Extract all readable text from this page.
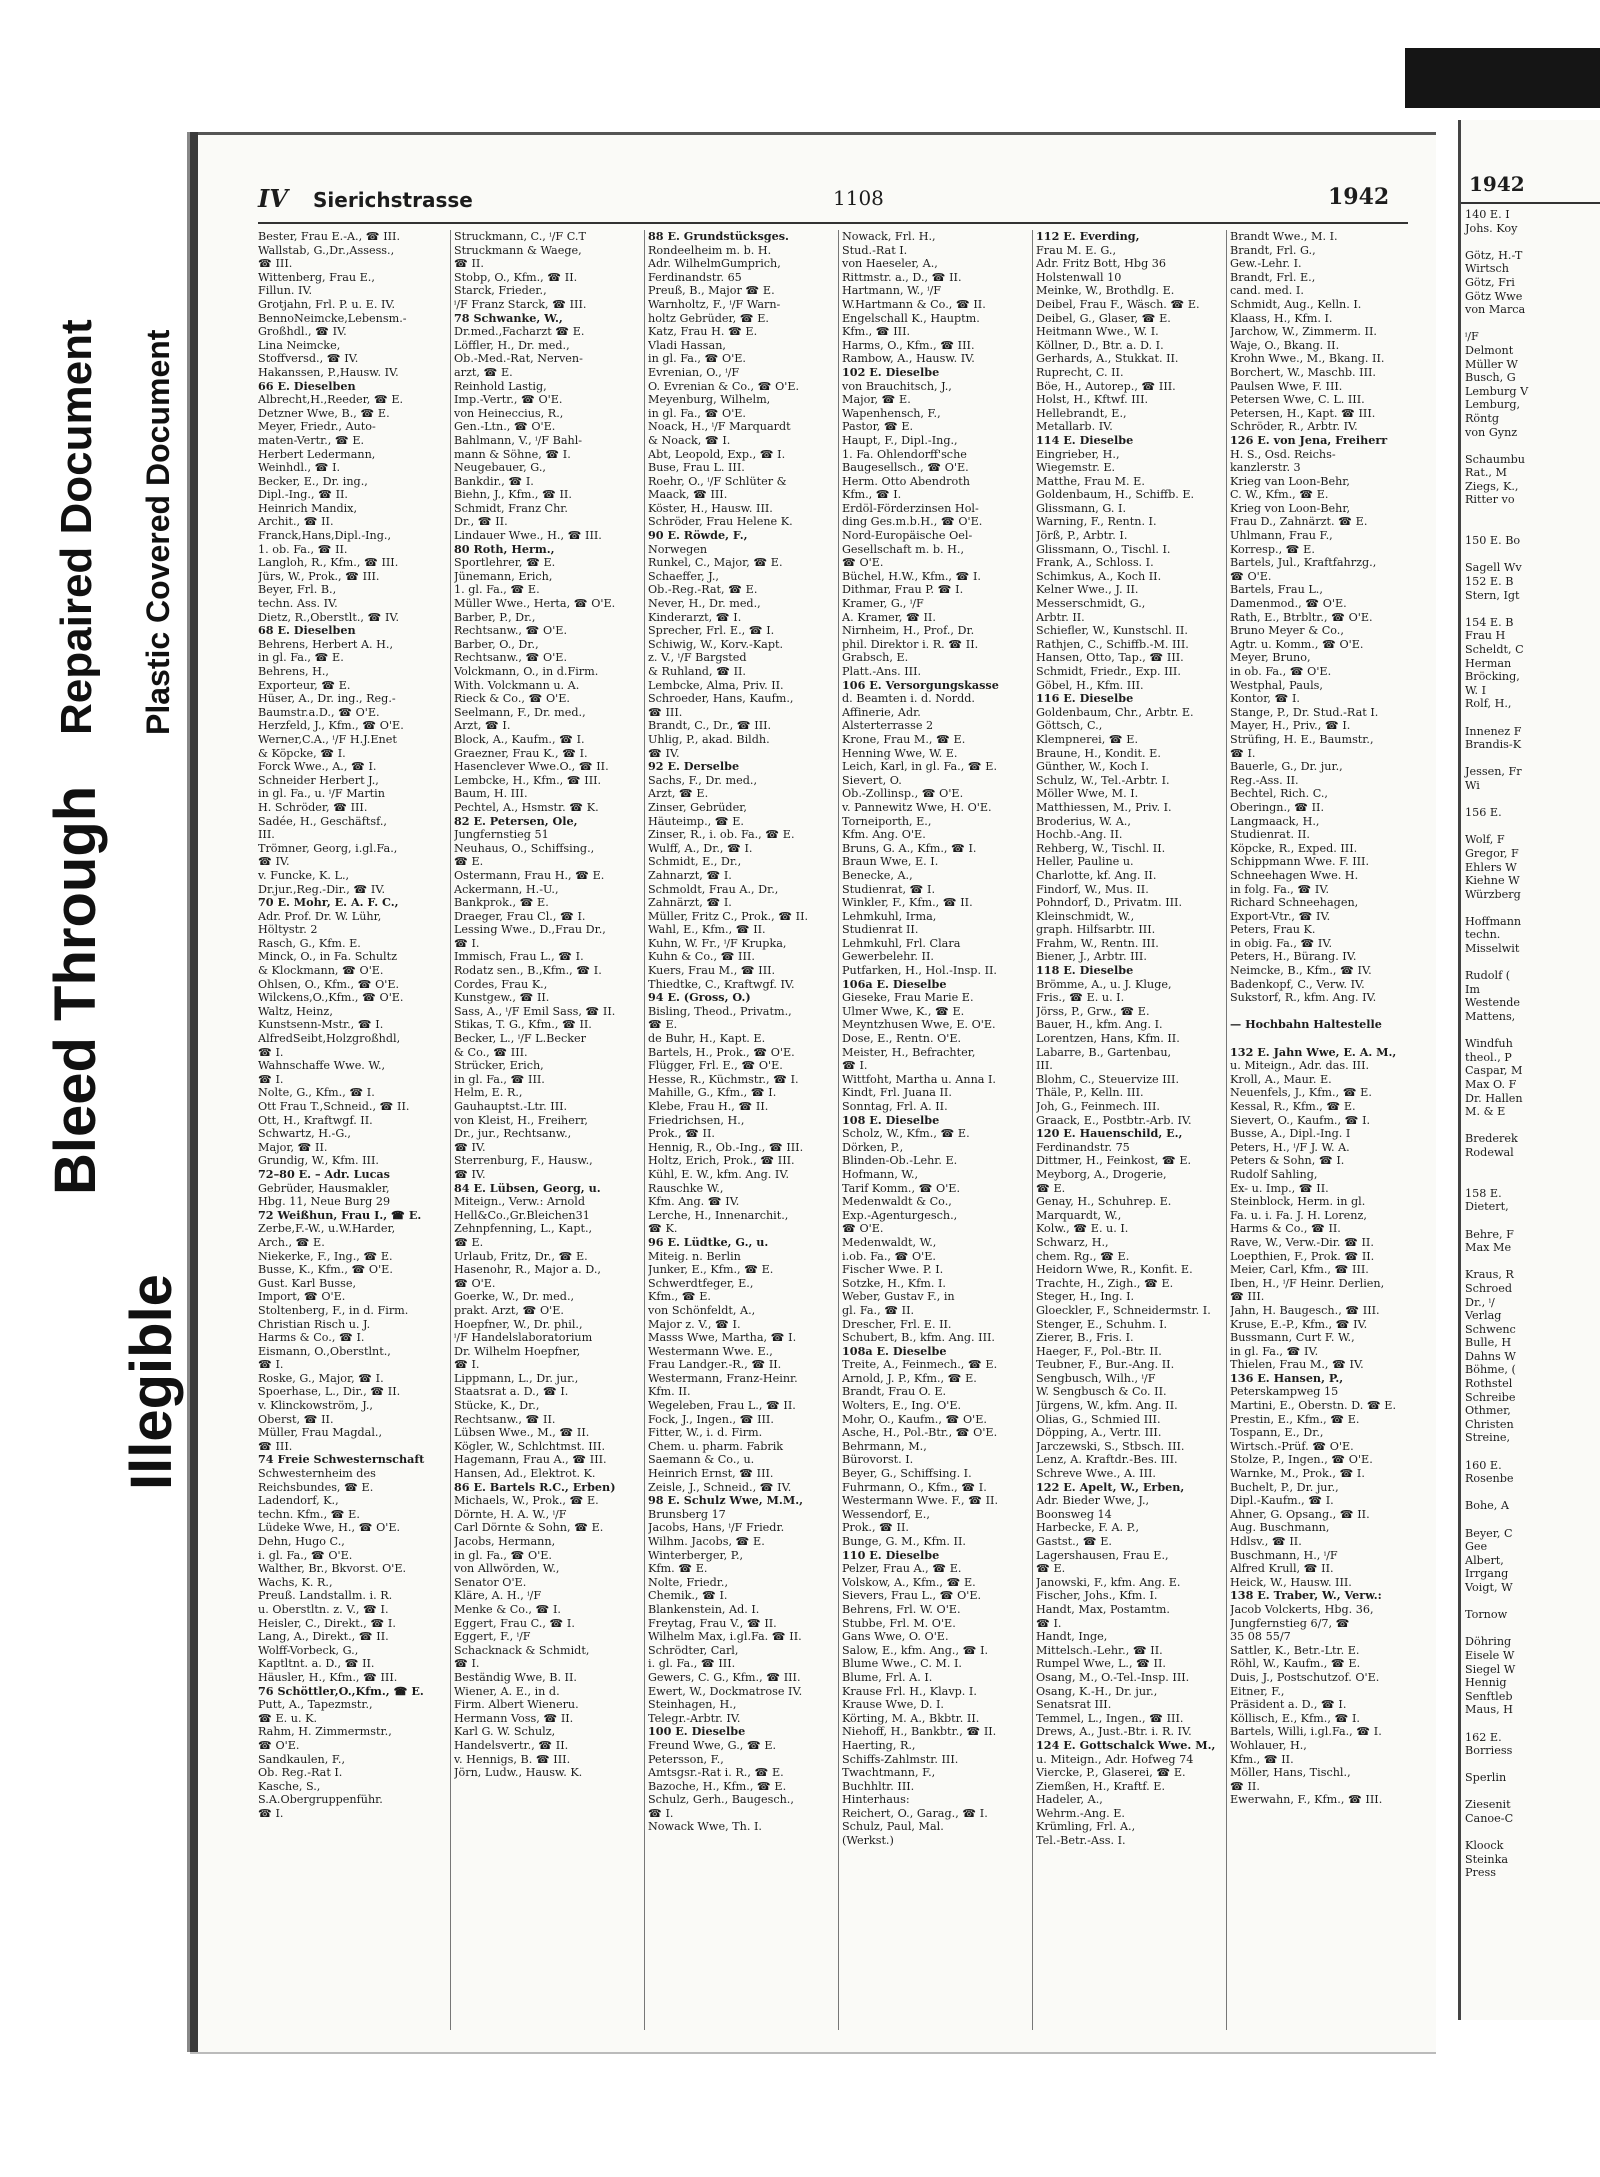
Bleed Through
Repaired Document Plastic Covered Document
Illegible
IV Sierichstrasse	1108	1942
Bester, Frau E.-A., ☎ III.
Wallstab, G.,Dr.,Assess.,
☎ III.
Wittenberg, Frau E.,
Fillun. IV.
Grotjahn, Frl. P. u. E. IV.
BennoNeimcke,Lebensm.-
Großhdl., ☎ IV.
Lina Neimcke,
Stoffversd., ☎ IV.
Hakanssen, P.,Hausw. IV.
66 E. Dieselben
Albrecht,H.,Reeder, ☎ E.
Detzner Wwe, B., ☎ E.
Meyer, Friedr., Auto-
maten-Vertr., ☎ E.
Herbert Ledermann,
Weinhdl., ☎ I.
Becker, E., Dr. ing.,
Dipl.-Ing., ☎ II.
Heinrich Mandix,
Archit., ☎ II.
Franck,Hans,Dipl.-Ing.,
1. ob. Fa., ☎ II.
Langloh, R., Kfm., ☎ III.
Jürs, W., Prok., ☎ III.
Beyer, Frl. B.,
techn. Ass. IV.
Dietz, R.,Oberstlt., ☎ IV.
68 E. Dieselben
Behrens, Herbert A. H.,
in gl. Fa., ☎ E.
Behrens, H.,
Exporteur, ☎ E.
Hüser, A., Dr. ing., Reg.-
Baumstr.a.D., ☎ O'E.
Herzfeld, J., Kfm., ☎ O'E.
Werner,C.A., ⁱ/F H.J.Enet
& Köpcke, ☎ I.
Forck Wwe., A., ☎ I.
Schneider Herbert J.,
in gl. Fa., u. ⁱ/F Martin
H. Schröder, ☎ III.
Sadée, H., Geschäftsf.,
III.
Trömner, Georg, i.gl.Fa.,
☎ IV.
v. Funcke, K. L.,
Dr.jur.,Reg.-Dir., ☎ IV.
70 E. Mohr, E. A. F. C.,
Adr. Prof. Dr. W. Lühr,
Höltystr. 2
Rasch, G., Kfm. E.
Minck, O., in Fa. Schultz
& Klockmann, ☎ O'E.
Ohlsen, O., Kfm., ☎ O'E.
Wilckens,O.,Kfm., ☎ O'E.
Waltz, Heinz,
Kunstsenn-Mstr., ☎ I.
AlfredSeibt,Holzgroßhdl,
☎ I.
Wahnschaffe Wwe. W.,
☎ I.
Nolte, G., Kfm., ☎ I.
Ott Frau T.,Schneid., ☎ II.
Ott, H., Kraftwgf. II.
Schwartz, H.-G.,
Major, ☎ II.
Grundig, W., Kfm. III.
72–80 E. – Adr. Lucas
Gebrüder, Hausmakler,
Hbg. 11, Neue Burg 29
72 Weißhun, Frau I., ☎ E.
Zerbe,F.-W., u.W.Harder,
Arch., ☎ E.
Niekerke, F., Ing., ☎ E.
Busse, K., Kfm., ☎ O'E.
Gust. Karl Busse,
Import, ☎ O'E.
Stoltenberg, F., in d. Firm.
Christian Risch u. J.
Harms & Co., ☎ I.
Eismann, O.,Oberstlnt.,
☎ I.
Roske, G., Major, ☎ I.
Spoerhase, L., Dir., ☎ II.
v. Klinckowström, J.,
Oberst, ☎ II.
Müller, Frau Magdal.,
☎ III.
74 Freie Schwesternschaft
Schwesternheim des
Reichsbundes, ☎ E.
Ladendorf, K.,
techn. Kfm., ☎ E.
Lüdeke Wwe, H., ☎ O'E.
Dehn, Hugo C.,
i. gl. Fa., ☎ O'E.
Walther, Br., Bkvorst. O'E.
Wachs, K. R.,
Preuß. Landstallm. i. R.
u. Oberstltn. z. V., ☎ I.
Heisler, C., Direkt., ☎ I.
Lang, A., Direkt., ☎ II.
Wolff-Vorbeck, G.,
Kaptltnt. a. D., ☎ II.
Häusler, H., Kfm., ☎ III.
76 Schöttler,O.,Kfm., ☎ E.
Putt, A., Tapezmstr.,
☎ E. u. K.
Rahm, H. Zimmermstr.,
☎ O'E.
Sandkaulen, F.,
Ob. Reg.-Rat I.
Kasche, S.,
S.A.Obergruppenführ.
☎ I.
Struckmann, C., ⁱ/F C.T
Struckmann & Waege,
☎ II.
Stobp, O., Kfm., ☎ II.
Starck, Frieder.,
ⁱ/F Franz Starck, ☎ III.
78 Schwanke, W.,
Dr.med.,Facharzt ☎ E.
Löffler, H., Dr. med.,
Ob.-Med.-Rat, Nerven-
arzt, ☎ E.
Reinhold Lastig,
Imp.-Vertr., ☎ O'E.
von Heineccius, R.,
Gen.-Ltn., ☎ O'E.
Bahlmann, V., ⁱ/F Bahl-
mann & Söhne, ☎ I.
Neugebauer, G.,
Bankdir., ☎ I.
Biehn, J., Kfm., ☎ II.
Schmidt, Franz Chr.
Dr., ☎ II.
Lindauer Wwe., H., ☎ III.
80 Roth, Herm.,
Sportlehrer, ☎ E.
Jünemann, Erich,
1. gl. Fa., ☎ E.
Müller Wwe., Herta, ☎ O'E.
Barber, P., Dr.,
Rechtsanw., ☎ O'E.
Barber, O., Dr.,
Rechtsanw., ☎ O'E.
Volckmann, O., in d.Firm.
With. Volckmann u. A.
Rieck & Co., ☎ O'E.
Seelmann, F., Dr. med.,
Arzt, ☎ I.
Block, A., Kaufm., ☎ I.
Graezner, Frau K., ☎ I.
Hasenclever Wwe.O., ☎ II.
Lembcke, H., Kfm., ☎ III.
Baum, H. III.
Pechtel, A., Hsmstr. ☎ K.
82 E. Petersen, Ole,
Jungfernstieg 51
Neuhaus, O., Schiffsing.,
☎ E.
Ostermann, Frau H., ☎ E.
Ackermann, H.-U.,
Bankprok., ☎ E.
Draeger, Frau Cl., ☎ I.
Lessing Wwe., D.,Frau Dr.,
☎ I.
Immisch, Frau L., ☎ I.
Rodatz sen., B.,Kfm., ☎ I.
Cordes, Frau K.,
Kunstgew., ☎ II.
Sass, A., ⁱ/F Emil Sass, ☎ II.
Stikas, T. G., Kfm., ☎ II.
Becker, L., ⁱ/F L.Becker
& Co., ☎ III.
Strücker, Erich,
in gl. Fa., ☎ III.
Helm, E. R.,
Gauhauptst.-Ltr. III.
von Kleist, H., Freiherr,
Dr., jur., Rechtsanw.,
☎ IV.
Sterrenburg, F., Hausw.,
☎ IV.
84 E. Lübsen, Georg, u.
Miteign., Verw.: Arnold
Hell&Co.,Gr.Bleichen31
Zehnpfenning, L., Kapt.,
☎ E.
Urlaub, Fritz, Dr., ☎ E.
Hasenohr, R., Major a. D.,
☎ O'E.
Goerke, W., Dr. med.,
prakt. Arzt, ☎ O'E.
Hoepfner, W., Dr. phil.,
ⁱ/F Handelslaboratorium
Dr. Wilhelm Hoepfner,
☎ I.
Lippmann, L., Dr. jur.,
Staatsrat a. D., ☎ I.
Stücke, K., Dr.,
Rechtsanw., ☎ II.
Lübsen Wwe., M., ☎ II.
Kögler, W., Schlchtmst. III.
Hagemann, Frau A., ☎ III.
Hansen, Ad., Elektrot. K.
86 E. Bartels R.C., Erben)
Michaels, W., Prok., ☎ E.
Dörnte, H. A. W., ⁱ/F
Carl Dörnte & Sohn, ☎ E.
Jacobs, Hermann,
in gl. Fa., ☎ O'E.
von Allwörden, W.,
Senator O'E.
Kläre, A. H., ⁱ/F
Menke & Co., ☎ I.
Eggert, Frau C., ☎ I.
Eggert, F., ⁱ/F
Schacknack & Schmidt,
☎ I.
Beständig Wwe, B. II.
Wiener, A. E., in d.
Firm. Albert Wieneru.
Hermann Voss, ☎ II.
Karl G. W. Schulz,
Handelsvertr., ☎ II.
v. Hennigs, B. ☎ III.
Jörn, Ludw., Hausw. K.
88 E. Grundstücksges.
Rondeelheim m. b. H.
Adr. WilhelmGumprich,
Ferdinandstr. 65
Preuß, B., Major ☎ E.
Warnholtz, F., ⁱ/F Warn-
holtz Gebrüder, ☎ E.
Katz, Frau H. ☎ E.
Vladi Hassan,
in gl. Fa., ☎ O'E.
Evrenian, O., ⁱ/F
O. Evrenian & Co., ☎ O'E.
Meyenburg, Wilhelm,
in gl. Fa., ☎ O'E.
Noack, H., ⁱ/F Marquardt
& Noack, ☎ I.
Abt, Leopold, Exp., ☎ I.
Buse, Frau L. III.
Roehr, O., ⁱ/F Schlüter &
Maack, ☎ III.
Köster, H., Hausw. III.
Schröder, Frau Helene K.
90 E. Röwde, F.,
Norwegen
Runkel, C., Major, ☎ E.
Schaeffer, J.,
Ob.-Reg.-Rat, ☎ E.
Never, H., Dr. med.,
Kinderarzt, ☎ I.
Sprecher, Frl. E., ☎ I.
Schiwig, W., Korv.-Kapt.
z. V., ⁱ/F Bargsted
& Ruhland, ☎ II.
Lembcke, Alma, Priv. II.
Schroeder, Hans, Kaufm.,
☎ III.
Brandt, C., Dr., ☎ III.
Uhlig, P., akad. Bildh.
☎ IV.
92 E. Derselbe
Sachs, F., Dr. med.,
Arzt, ☎ E.
Zinser, Gebrüder,
Häuteimp., ☎ E.
Zinser, R., i. ob. Fa., ☎ E.
Wulff, A., Dr., ☎ I.
Schmidt, E., Dr.,
Zahnarzt, ☎ I.
Schmoldt, Frau A., Dr.,
Zahnärzt, ☎ I.
Müller, Fritz C., Prok., ☎ II.
Wahl, E., Kfm., ☎ II.
Kuhn, W. Fr., ⁱ/F Krupka,
Kuhn & Co., ☎ III.
Kuers, Frau M., ☎ III.
Thiedtke, C., Kraftwgf. IV.
94 E. (Gross, O.)
Bisling, Theod., Privatm.,
☎ E.
de Buhr, H., Kapt. E.
Bartels, H., Prok., ☎ O'E.
Flügger, Frl. E., ☎ O'E.
Hesse, R., Küchmstr., ☎ I.
Mahille, G., Kfm., ☎ I.
Klebe, Frau H., ☎ II.
Friedrichsen, H.,
Prok., ☎ II.
Hennig, R., Ob.-Ing., ☎ III.
Holtz, Erich, Prok., ☎ III.
Kühl, E. W., kfm. Ang. IV.
Rauschke W.,
Kfm. Ang. ☎ IV.
Lerche, H., Innenarchit.,
☎ K.
96 E. Lüdtke, G., u.
Miteig. n. Berlin
Junker, E., Kfm., ☎ E.
Schwerdtfeger, E.,
Kfm., ☎ E.
von Schönfeldt, A.,
Major z. V., ☎ I.
Masss Wwe, Martha, ☎ I.
Westermann Wwe. E.,
Frau Landger.-R., ☎ II.
Westermann, Franz-Heinr.
Kfm. II.
Wegeleben, Frau L., ☎ II.
Fock, J., Ingen., ☎ III.
Fitter, W., i. d. Firm.
Chem. u. pharm. Fabrik
Saemann & Co., u.
Heinrich Ernst, ☎ III.
Zeisle, J., Schneid., ☎ IV.
98 E. Schulz Wwe, M.M.,
Brunsberg 17
Jacobs, Hans, ⁱ/F Friedr.
Wilhm. Jacobs, ☎ E.
Winterberger, P.,
Kfm. ☎ E.
Nolte, Friedr.,
Chemik., ☎ I.
Blankenstein, Ad. I.
Freytag, Frau V., ☎ II.
Wilhelm Max, i.gl.Fa. ☎ II.
Schrödter, Carl,
i. gl. Fa., ☎ III.
Gewers, C. G., Kfm., ☎ III.
Ewert, W., Dockmatrose IV.
Steinhagen, H.,
Telegr.-Arbtr. IV.
100 E. Dieselbe
Freund Wwe, G., ☎ E.
Petersson, F.,
Amtsgsr.-Rat i. R., ☎ E.
Bazoche, H., Kfm., ☎ E.
Schulz, Gerh., Baugesch.,
☎ I.
Nowack Wwe, Th. I.
Nowack, Frl. H.,
Stud.-Rat I.
von Haeseler, A.,
Rittmstr. a., D., ☎ II.
Hartmann, W., ⁱ/F
W.Hartmann & Co., ☎ II.
Engelschall K., Hauptm.
Kfm., ☎ III.
Harms, O., Kfm., ☎ III.
Rambow, A., Hausw. IV.
102 E. Dieselbe
von Brauchitsch, J.,
Major, ☎ E.
Wapenhensch, F.,
Pastor, ☎ E.
Haupt, F., Dipl.-Ing.,
1. Fa. Ohlendorff'sche
Baugesellsch., ☎ O'E.
Herm. Otto Abendroth
Kfm., ☎ I.
Erdöl-Förderzinsen Hol-
ding Ges.m.b.H., ☎ O'E.
Nord-Europäische Oel-
Gesellschaft m. b. H.,
☎ O'E.
Büchel, H.W., Kfm., ☎ I.
Dithmar, Frau P. ☎ I.
Kramer, G., ⁱ/F
A. Kramer, ☎ II.
Nirnheim, H., Prof., Dr.
phil. Direktor i. R. ☎ II.
Grabsch, E.
Platt.-Ans. III.
106 E. Versorgungskasse
d. Beamten i. d. Nordd.
Affinerie, Adr.
Alsterterrasse 2
Krone, Frau M., ☎ E.
Henning Wwe, W. E.
Leich, Karl, in gl. Fa., ☎ E.
Sievert, O.
Ob.-Zollinsp., ☎ O'E.
v. Pannewitz Wwe, H. O'E.
Torneiporth, E.,
Kfm. Ang. O'E.
Bruns, G. A., Kfm., ☎ I.
Braun Wwe, E. I.
Benecke, A.,
Studienrat, ☎ I.
Winkler, F., Kfm., ☎ II.
Lehmkuhl, Irma,
Studienrat II.
Lehmkuhl, Frl. Clara
Gewerbelehr. II.
Putfarken, H., Hol.-Insp. II.
106a E. Dieselbe
Gieseke, Frau Marie E.
Ulmer Wwe, K., ☎ E.
Meyntzhusen Wwe, E. O'E.
Dose, E., Rentn. O'E.
Meister, H., Befrachter,
☎ I.
Wittfoht, Martha u. Anna I.
Kindt, Frl. Juana II.
Sonntag, Frl. A. II.
108 E. Dieselbe
Scholz, W., Kfm., ☎ E.
Dörken, P.,
Blinden-Ob.-Lehr. E.
Hofmann, W.,
Tarif Komm., ☎ O'E.
Medenwaldt & Co.,
Exp.-Agenturgesch.,
☎ O'E.
Medenwaldt, W.,
i.ob. Fa., ☎ O'E.
Fischer Wwe. P. I.
Sotzke, H., Kfm. I.
Weber, Gustav F., in
gl. Fa., ☎ II.
Drescher, Frl. E. II.
Schubert, B., kfm. Ang. III.
108a E. Dieselbe
Treite, A., Feinmech., ☎ E.
Arnold, J. P., Kfm., ☎ E.
Brandt, Frau O. E.
Wolters, E., Ing. O'E.
Mohr, O., Kaufm., ☎ O'E.
Asche, H., Pol.-Btr., ☎ O'E.
Behrmann, M.,
Bürovorst. I.
Beyer, G., Schiffsing. I.
Fuhrmann, O., Kfm., ☎ I.
Westermann Wwe. F., ☎ II.
Wessendorf, E.,
Prok., ☎ II.
Bunge, G. M., Kfm. II.
110 E. Dieselbe
Pelzer, Frau A., ☎ E.
Volskow, A., Kfm., ☎ E.
Sievers, Frau L., ☎ O'E.
Behrens, Frl. W. O'E.
Stubbe, Frl. M. O'E.
Gans Wwe, O. O'E.
Salow, E., kfm. Ang., ☎ I.
Blume Wwe., C. M. I.
Blume, Frl. A. I.
Krause Frl. H., Klavp. I.
Krause Wwe, D. I.
Körting, M. A., Bkbtr. II.
Niehoff, H., Bankbtr., ☎ II.
Haerting, R.,
Schiffs-Zahlmstr. III.
Twachtmann, F.,
Buchhltr. III.
Hinterhaus:
Reichert, O., Garag., ☎ I.
Schulz, Paul, Mal.
(Werkst.)
112 E. Everding,
Frau M. E. G.,
Adr. Fritz Bott, Hbg 36
Holstenwall 10
Meinke, W., Brothdlg. E.
Deibel, Frau F., Wäsch. ☎ E.
Deibel, G., Glaser, ☎ E.
Heitmann Wwe., W. I.
Köllner, D., Btr. a. D. I.
Gerhards, A., Stukkat. II.
Ruprecht, C. II.
Böe, H., Autorep., ☎ III.
Holst, H., Kftwf. III.
Hellebrandt, E.,
Metallarb. IV.
114 E. Dieselbe
Eingrieber, H.,
Wiegemstr. E.
Matthe, Frau M. E.
Goldenbaum, H., Schiffb. E.
Glissmann, G. I.
Warning, F., Rentn. I.
Jörß, P., Arbtr. I.
Glissmann, O., Tischl. I.
Frank, A., Schloss. I.
Schimkus, A., Koch II.
Kelner Wwe., J. II.
Messerschmidt, G.,
Arbtr. II.
Schiefler, W., Kunstschl. II.
Rathjen, C., Schiffb.-M. III.
Hansen, Otto, Tap., ☎ III.
Schmidt, Friedr., Exp. III.
Göbel, H., Kfm. III.
116 E. Dieselbe
Goldenbaum, Chr., Arbtr. E.
Göttsch, C.,
Klempnerei, ☎ E.
Braune, H., Kondit. E.
Günther, W., Koch I.
Schulz, W., Tel.-Arbtr. I.
Möller Wwe, M. I.
Matthiessen, M., Priv. I.
Broderius, W. A.,
Hochb.-Ang. II.
Rehberg, W., Tischl. II.
Heller, Pauline u.
Charlotte, kf. Ang. II.
Findorf, W., Mus. II.
Pohndorf, D., Privatm. III.
Kleinschmidt, W.,
graph. Hilfsarbtr. III.
Frahm, W., Rentn. III.
Biener, J., Arbtr. III.
118 E. Dieselbe
Brömme, A., u. J. Kluge,
Fris., ☎ E. u. I.
Jörss, P., Grw., ☎ E.
Bauer, H., kfm. Ang. I.
Lorentzen, Hans, Kfm. II.
Labarre, B., Gartenbau,
III.
Blohm, C., Steuervize III.
Thäle, P., Kelln. III.
Joh, G., Feinmech. III.
Graack, E., Postbtr.-Arb. IV.
120 E. Hauenschild, E.,
Ferdinandstr. 75
Dittmer, H., Feinkost, ☎ E.
Meyborg, A., Drogerie,
☎ E.
Genay, H., Schuhrep. E.
Marquardt, W.,
Kolw., ☎ E. u. I.
Schwarz, H.,
chem. Rg., ☎ E.
Heidorn Wwe, R., Konfit. E.
Trachte, H., Zigh., ☎ E.
Steger, H., Ing. I.
Gloeckler, F., Schneidermstr. I.
Stenger, E., Schuhm. I.
Zierer, B., Fris. I.
Haeger, F., Pol.-Btr. II.
Teubner, F., Bur.-Ang. II.
Sengbusch, Wilh., ⁱ/F
W. Sengbusch & Co. II.
Jürgens, W., kfm. Ang. II.
Olias, G., Schmied III.
Döpping, A., Vertr. III.
Jarczewski, S., Stbsch. III.
Lenz, A. Kraftdr.-Bes. III.
Schreve Wwe., A. III.
122 E. Apelt, W., Erben,
Adr. Bieder Wwe, J.,
Boonsweg 14
Harbecke, F. A. P.,
Gastst., ☎ E.
Lagershausen, Frau E.,
☎ E.
Janowski, F., kfm. Ang. E.
Fischer, Johs., Kfm. I.
Handt, Max, Postamtm.
☎ I.
Handt, Inge,
Mittelsch.-Lehr., ☎ II.
Rumpel Wwe, L., ☎ II.
Osang, M., O.-Tel.-Insp. III.
Osang, K.-H., Dr. jur.,
Senatsrat III.
Temmel, L., Ingen., ☎ III.
Drews, A., Just.-Btr. i. R. IV.
124 E. Gottschalck Wwe. M.,
u. Miteign., Adr. Hofweg 74
Viercke, P., Glaserei, ☎ E.
Ziemßen, H., Kraftf. E.
Hadeler, A.,
Wehrm.-Ang. E.
Krümling, Frl. A.,
Tel.-Betr.-Ass. I.
Brandt Wwe., M. I.
Brandt, Frl. G.,
Gew.-Lehr. I.
Brandt, Frl. E.,
cand. med. I.
Schmidt, Aug., Kelln. I.
Klaass, H., Kfm. I.
Jarchow, W., Zimmerm. II.
Waje, O., Bkang. II.
Krohn Wwe., M., Bkang. II.
Borchert, W., Maschb. III.
Paulsen Wwe, F. III.
Petersen Wwe, C. L. III.
Petersen, H., Kapt. ☎ III.
Schröder, R., Arbtr. IV.
126 E. von Jena, Freiherr
H. S., Osd. Reichs-
kanzlerstr. 3
Krieg van Loon-Behr,
C. W., Kfm., ☎ E.
Krieg von Loon-Behr,
Frau D., Zahnärzt. ☎ E.
Uhlmann, Frau F.,
Korresp., ☎ E.
Bartels, Jul., Kraftfahrzg.,
☎ O'E.
Bartels, Frau L.,
Damenmod., ☎ O'E.
Rath, E., Btrbltr., ☎ O'E.
Bruno Meyer & Co.,
Agtr. u. Komm., ☎ O'E.
Meyer, Bruno,
in ob. Fa., ☎ O'E.
Westphal, Pauls,
Kontor, ☎ I.
Stange, P., Dr. Stud.-Rat I.
Mayer, H., Priv., ☎ I.
Strüfing, H. E., Baumstr.,
☎ I.
Bauerle, G., Dr. jur.,
Reg.-Ass. II.
Bechtel, Rich. C.,
Oberingn., ☎ II.
Langmaack, H.,
Studienrat. II.
Köpcke, R., Exped. III.
Schippmann Wwe. F. III.
Schneehagen Wwe. H.
in folg. Fa., ☎ IV.
Richard Schneehagen,
Export-Vtr., ☎ IV.
Peters, Frau K.
in obig. Fa., ☎ IV.
Peters, H., Bürang. IV.
Neimcke, B., Kfm., ☎ IV.
Badenkopf, C., Verw. IV.
Sukstorf, R., kfm. Ang. IV.

— Hochbahn Haltestelle

132 E. Jahn Wwe, E. A. M.,
u. Miteign., Adr. das. III.
Kroll, A., Maur. E.
Neuenfels, J., Kfm., ☎ E.
Kessal, R., Kfm., ☎ E.
Sievert, O., Kaufm., ☎ I.
Busse, A., Dipl.-Ing. I
Peters, H., ⁱ/F J. W. A.
Peters & Sohn, ☎ I.
Rudolf Sahling,
Ex- u. Imp., ☎ II.
Steinblock, Herm. in gl.
Fa. u. i. Fa. J. H. Lorenz,
Harms & Co., ☎ II.
Rave, W., Verw.-Dir. ☎ II.
Loepthien, F., Prok. ☎ II.
Meier, Carl, Kfm., ☎ III.
Iben, H., ⁱ/F Heinr. Derlien,
☎ III.
Jahn, H. Baugesch., ☎ III.
Kruse, E.-P., Kfm., ☎ IV.
Bussmann, Curt F. W.,
in gl. Fa., ☎ IV.
Thielen, Frau M., ☎ IV.
136 E. Hansen, P.,
Peterskampweg 15
Martini, E., Oberstn. D. ☎ E.
Prestin, E., Kfm., ☎ E.
Tospann, E., Dr.,
Wirtsch.-Prüf. ☎ O'E.
Stolze, P., Ingen., ☎ O'E.
Warnke, M., Prok., ☎ I.
Buchelt, P., Dr. jur.,
Dipl.-Kaufm., ☎ I.
Ahner, G. Opsang., ☎ II.
Aug. Buschmann,
Hdlsv., ☎ II.
Buschmann, H., ⁱ/F
Alfred Krull, ☎ II.
Heick, W., Hausw. III.
138 E. Traber, W., Verw.:
Jacob Volckerts, Hbg. 36,
Jungfernstieg 6/7, ☎
35 08 55/7
Sattler, K., Betr.-Ltr. E.
Röhl, W., Kaufm., ☎ E.
Duis, J., Postschutzof. O'E.
Eitner, F.,
Präsident a. D., ☎ I.
Köllisch, E., Kfm., ☎ I.
Bartels, Willi, i.gl.Fa., ☎ I.
Wohlauer, H.,
Kfm., ☎ II.
Möller, Hans, Tischl.,
☎ II.
Ewerwahn, F., Kfm., ☎ III.
1942
140 E. I
Johs. Koy

Götz, H.-T
Wirtsch
Götz, Fri
Götz Wwe
von Marca

ⁱ/F
Delmont
Müller W
Busch, G
Lemburg V
Lemburg,
Röntg
von Gynz

Schaumbu
Rat., M
Ziegs, K.,
Ritter vo

150 E. Bo

Sagell Wv
152 E. B
Stern, Igt

154 E. B
Frau H
Scheldt, C
Herman
Bröcking,
W. I
Rolf, H.,

Innenez F
Brandis-K

Jessen, Fr
Wi

156 E.

Wolf, F
Gregor, F
Ehlers W
Kiehne W
Würzberg

Hoffmann
techn.
Misselwit

Rudolf (
Im
Westende
Mattens,

Windfuh
theol., P
Caspar, M
Max O. F
Dr. Hallen
M. & E

Brederek
Rodewal

158 E.
Dietert,

Behre, F
Max Me

Kraus, R
Schroed
Dr., ⁱ/
Verlag
Schwenc
Bulle, H
Dahns W
Böhme, (
Rothstel
Schreibe
Othmer,
Christen
Streine,

160 E.
Rosenbe

Bohe, A

Beyer, C
Gee
Albert,
Irrgang
Voigt, W

Tornow

Döhring
Eisele W
Siegel W
Hennig
Senftleb
Maus, H

162 E.
Borriess

Sperlin

Ziesenit
Canoe-C

Kloock
Steinka
Press
